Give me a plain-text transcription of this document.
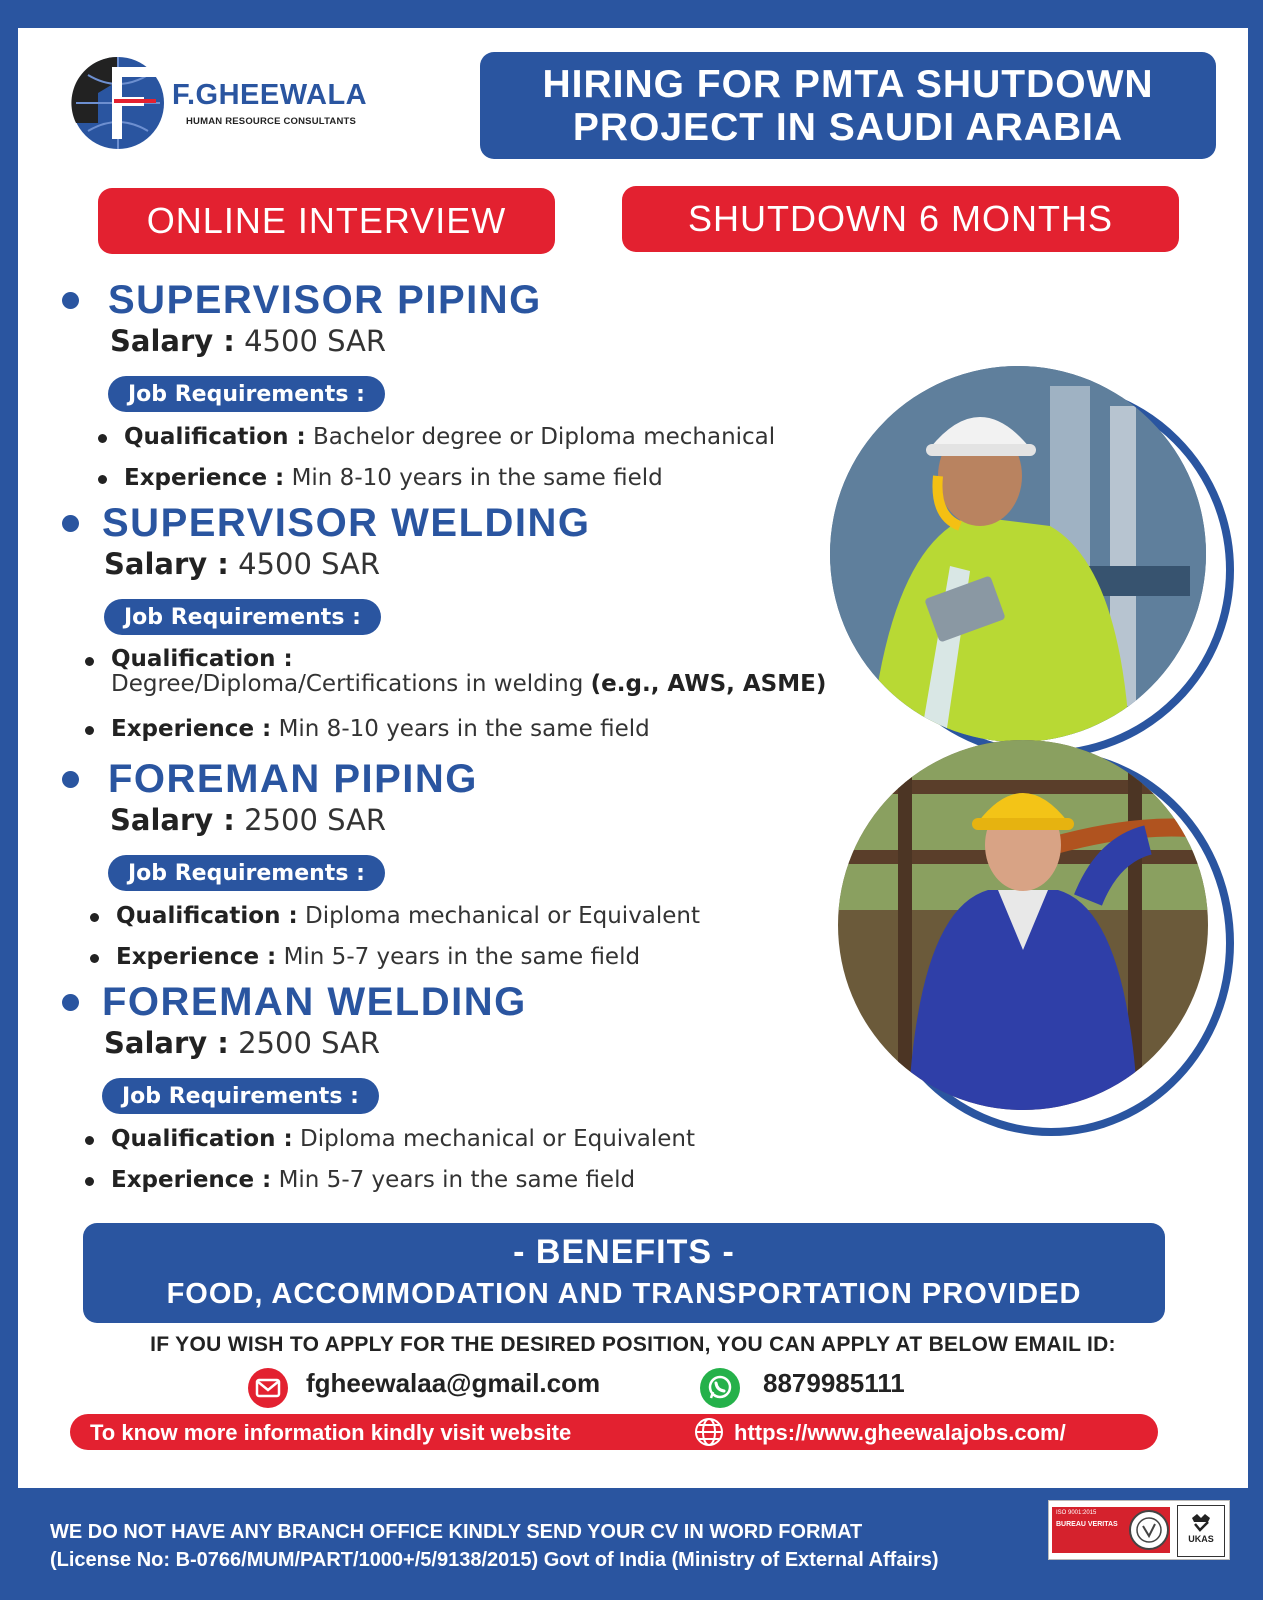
F.GHEEWALA
HUMAN RESOURCE CONSULTANTS
HIRING FOR PMTA SHUTDOWN
PROJECT IN SAUDI ARABIA
ONLINE INTERVIEW	SHUTDOWN 6 MONTHS
SUPERVISOR PIPING
Salary : 4500 SAR
Job Requirements :
Qualification : Bachelor degree or Diploma mechanical
Experience : Min 8-10 years in the same field
SUPERVISOR WELDING
Salary : 4500 SAR
Job Requirements :
Qualification :
Degree/Diploma/Certifications in welding (e.g., AWS, ASME)
Experience : Min 8-10 years in the same field
FOREMAN PIPING
Salary : 2500 SAR
Job Requirements :
Qualification : Diploma mechanical or Equivalent
Experience : Min 5-7 years in the same field
FOREMAN WELDING
Salary : 2500 SAR
Job Requirements :
Qualification : Diploma mechanical or Equivalent
Experience : Min 5-7 years in the same field
- BENEFITS -
FOOD, ACCOMMODATION AND TRANSPORTATION PROVIDED
IF YOU WISH TO APPLY FOR THE DESIRED POSITION, YOU CAN APPLY AT BELOW EMAIL ID:
fgheewalaa@gmail.com	8879985111
To know more information kindly visit website	https://www.gheewalajobs.com/
WE DO NOT HAVE ANY BRANCH OFFICE KINDLY SEND YOUR CV IN WORD FORMAT
(License No: B-0766/MUM/PART/1000+/5/9138/2015) Govt of India (Ministry of External Affairs)
ISO 9001:2015
BUREAU VERITAS
UKAS
